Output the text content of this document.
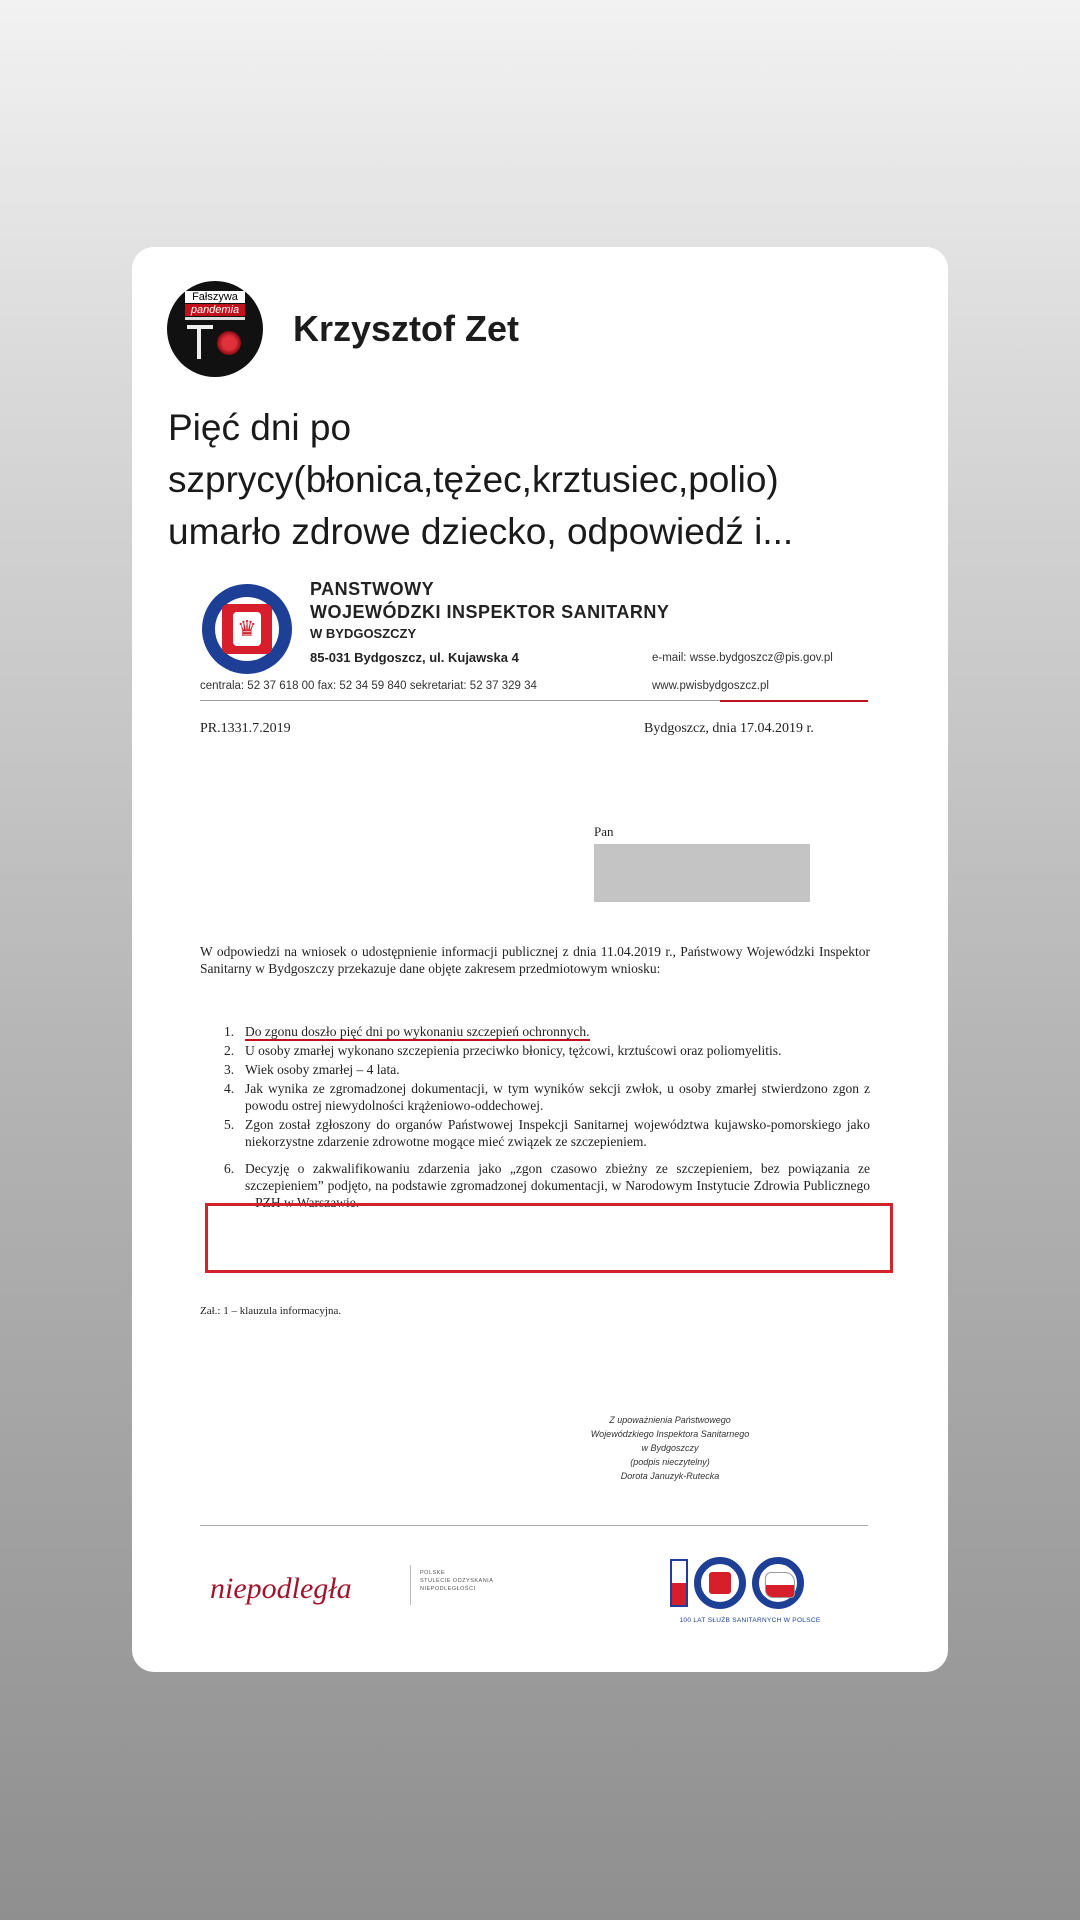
Fałszywa
pandemia Krzysztof Zet
Pięć dni po
szprycy(błonica,tężec,krztusiec,polio)
umarło zdrowe dziecko, odpowiedź i...
♛
PANSTWOWY
WOJEWÓDZKI INSPEKTOR SANITARNY
W BYDGOSZCZY
85-031 Bydgoszcz, ul. Kujawska 4	e-mail: wsse.bydgoszcz@pis.gov.pl
centrala: 52 37 618 00 fax: 52 34 59 840 sekretariat: 52 37 329 34	www.pwisbydgoszcz.pl
PR.1331.7.2019	Bydgoszcz, dnia 17.04.2019 r.
Pan
W odpowiedzi na wniosek o udostępnienie informacji publicznej z dnia 11.04.2019 r., Państwowy Wojewódzki Inspektor Sanitarny w Bydgoszczy przekazuje dane objęte zakresem przedmiotowym wniosku:
1. Do zgonu doszło pięć dni po wykonaniu szczepień ochronnych.
2. U osoby zmarłej wykonano szczepienia przeciwko błonicy, tężcowi, krztuścowi oraz poliomyelitis.
3. Wiek osoby zmarłej – 4 lata.
4. Jak wynika ze zgromadzonej dokumentacji, w tym wyników sekcji zwłok, u osoby zmarłej stwierdzono zgon z powodu ostrej niewydolności krążeniowo-oddechowej.
5. Zgon został zgłoszony do organów Państwowej Inspekcji Sanitarnej województwa kujawsko-pomorskiego jako niekorzystne zdarzenie zdrowotne mogące mieć związek ze szczepieniem.
6. Decyzję o zakwalifikowaniu zdarzenia jako „zgon czasowo zbieżny ze szczepieniem, bez powiązania ze szczepieniem” podjęto, na podstawie zgromadzonej dokumentacji, w Narodowym Instytucie Zdrowia Publicznego – PZH w Warszawie.
Zał.: 1 – klauzula informacyjna.
Z upoważnienia Państwowego
Wojewódzkiego Inspektora Sanitarnego
w Bydgoszczy
(podpis nieczytelny)
Dorota Januzyk-Rutecka
niepodległa	POLSKE
STULECIE ODZYSKANIA
NIEPODLEGŁOŚCI
100 LAT SŁUŻB SANITARNYCH W POLSCE
